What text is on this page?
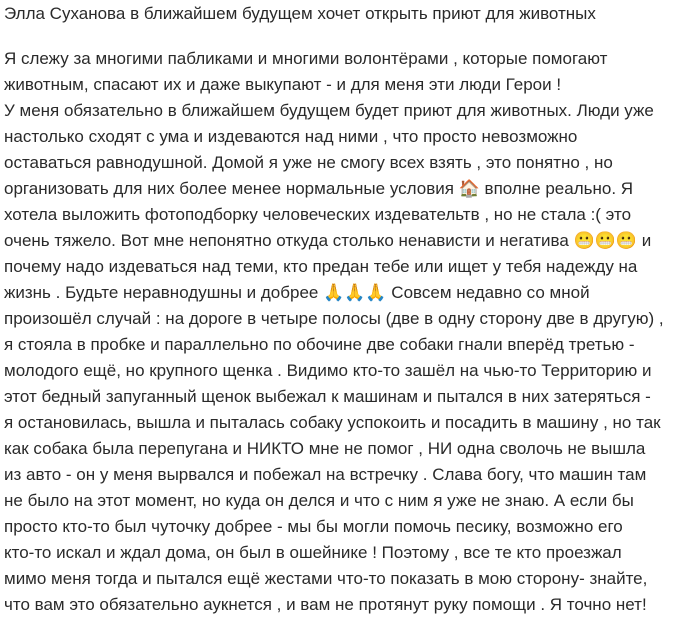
Элла Суханова в ближайшем будущем хочет открыть приют для животных
Я слежу за многими пабликами и многими волонтёрами , которые помогают
животным, спасают их и даже выкупают - и для меня эти люди Герои !
У меня обязательно в ближайшем будущем будет приют для животных. Люди уже
настолько сходят с ума и издеваются над ними , что просто невозможно
оставаться равнодушной. Домой я уже не смогу всех взять , это понятно , но
организовать для них более менее нормальные условия 🏠 вполне реально. Я
хотела выложить фотоподборку человеческих издевательтв , но не стала :( это
очень тяжело. Вот мне непонятно откуда столько ненависти и негатива 😬😬😬 и
почему надо издеваться над теми, кто предан тебе или ищет у тебя надежду на
жизнь . Будьте неравнодушны и добрее 🙏🙏🙏 Совсем недавно со мной
произошёл случай : на дороге в четыре полосы (две в одну сторону две в другую) ,
я стояла в пробке и параллельно по обочине две собаки гнали вперёд третью -
молодого ещё, но крупного щенка . Видимо кто-то зашёл на чью-то Территорию и
этот бедный запуганный щенок выбежал к машинам и пытался в них затеряться -
я остановилась, вышла и пыталась собаку успокоить и посадить в машину , но так
как собака была перепугана и НИКТО мне не помог , НИ одна сволочь не вышла
из авто - он у меня вырвался и побежал на встречку . Слава богу, что машин там
не было на этот момент, но куда он делся и что с ним я уже не знаю. А если бы
просто кто-то был чуточку добрее - мы бы могли помочь песику, возможно его
кто-то искал и ждал дома, он был в ошейнике ! Поэтому , все те кто проезжал
мимо меня тогда и пытался ещё жестами что-то показать в мою сторону- знайте,
что вам это обязательно аукнется , и вам не протянут руку помощи . Я точно нет!
